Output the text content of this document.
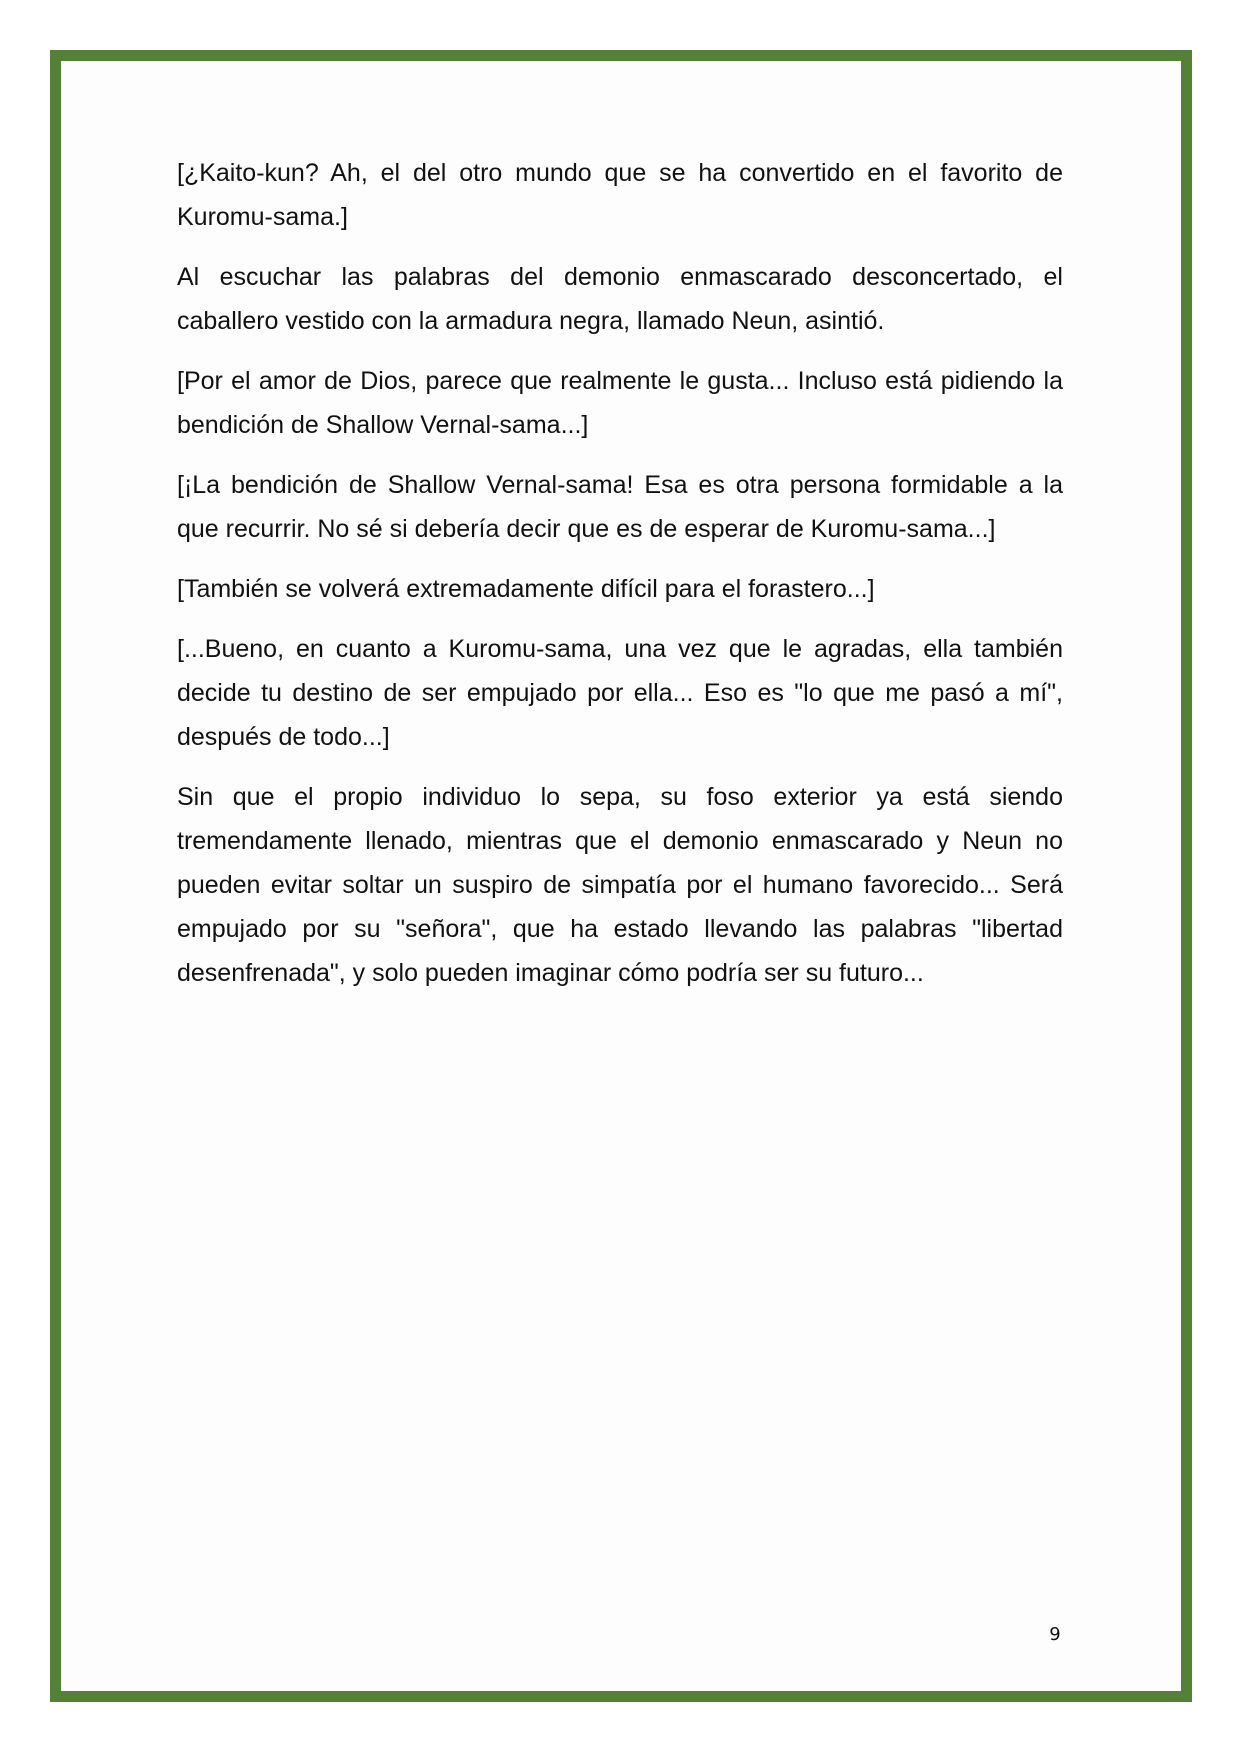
[¿Kaito-kun? Ah, el del otro mundo que se ha convertido en el favorito de Kuromu-sama.]

Al escuchar las palabras del demonio enmascarado desconcertado, el caballero vestido con la armadura negra, llamado Neun, asintió.

[Por el amor de Dios, parece que realmente le gusta... Incluso está pidiendo la bendición de Shallow Vernal-sama...]

[¡La bendición de Shallow Vernal-sama! Esa es otra persona formidable a la que recurrir. No sé si debería decir que es de esperar de Kuromu-sama...]

[También se volverá extremadamente difícil para el forastero...]

[...Bueno, en cuanto a Kuromu-sama, una vez que le agradas, ella también decide tu destino de ser empujado por ella... Eso es "lo que me pasó a mí", después de todo...]

Sin que el propio individuo lo sepa, su foso exterior ya está siendo tremendamente llenado, mientras que el demonio enmascarado y Neun no pueden evitar soltar un suspiro de simpatía por el humano favorecido... Será empujado por su "señora", que ha estado llevando las palabras "libertad desenfrenada", y solo pueden imaginar cómo podría ser su futuro...

9
